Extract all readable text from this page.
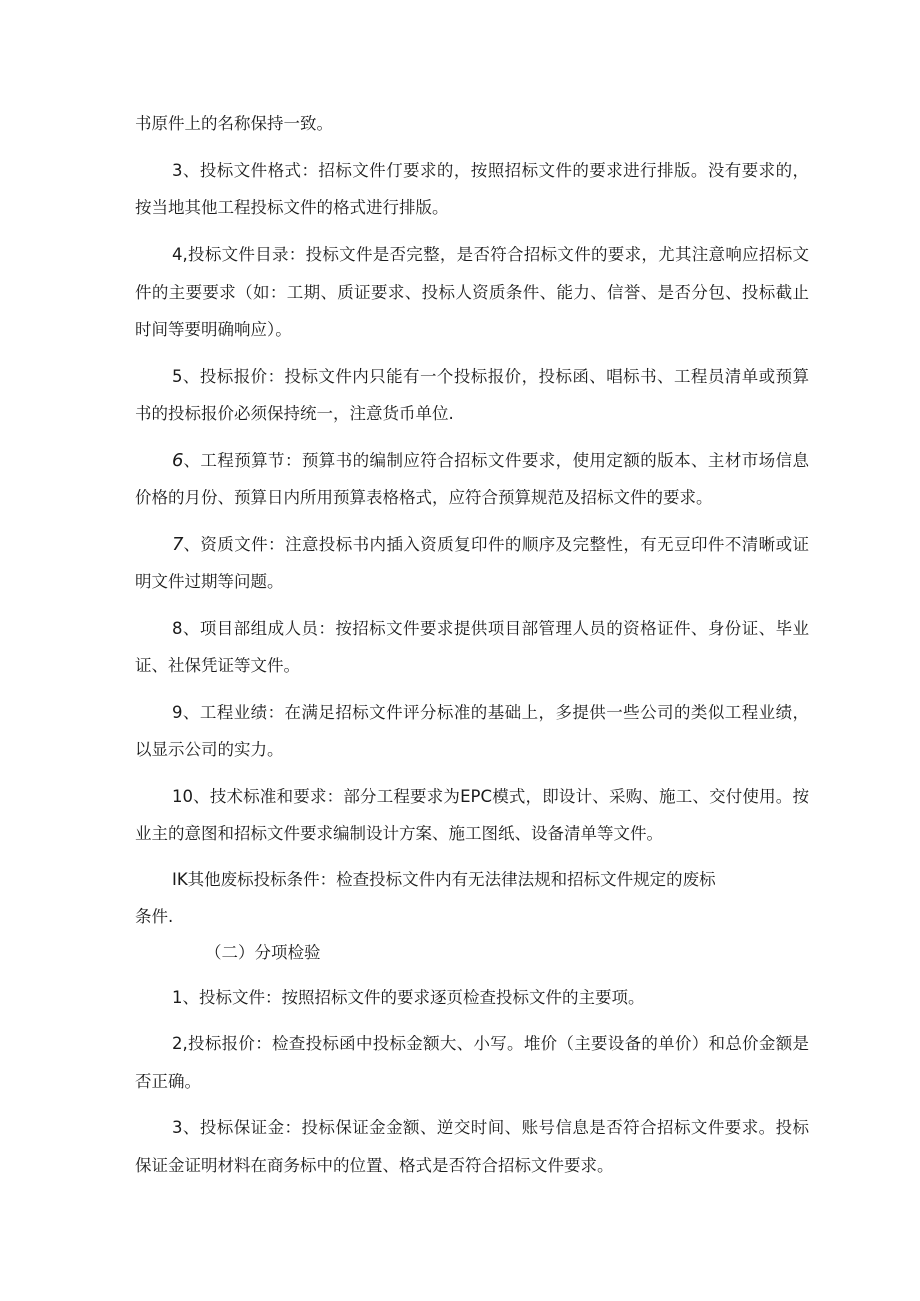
书原件上的名称保持一致。

3、投标文件格式：招标文件仃要求的，按照招标文件的要求进行排版。没有要求的，

按当地其他工程投标文件的格式进行排版。

4,投标文件目录：投标文件是否完整，是否符合招标文件的要求，尤其注意响应招标文

件的主要要求（如：工期、质证要求、投标人资质条件、能力、信誉、是否分包、投标截止

时间等要明确响应）。

5、投标报价：投标文件内只能有一个投标报价，投标函、唱标书、工程员清单或预算

书的投标报价必须保持统一，注意货币单位.

6 、工程预算节：预算书的编制应符合招标文件要求，使用定额的版本、主材市场信息

价格的月份、预算日内所用预算表格格式，应符合预算规范及招标文件的要求。

7 、资质文件：注意投标书内插入资质复印件的顺序及完整性，有无豆印件不清晰或证

明文件过期等问题。

8、项目部组成人员：按招标文件要求提供项目部管理人员的资格证件、身份证、毕业

证、社保凭证等文件。

9、工程业绩：在满足招标文件评分标准的基础上，多提供一些公司的类似工程业绩，

以显示公司的实力。

10、技术标准和要求：部分工程要求为EPC模式，即设计、采购、施工、交付使用。按

业主的意图和招标文件要求编制设计方案、施工图纸、设备清单等文件。

IK其他废标投标条件：检查投标文件内有无法律法规和招标文件规定的废标

条件.

（二）分项检验

1、投标文件：按照招标文件的要求逐页检查投标文件的主要项。

2,投标报价：检查投标函中投标金额大、小写。堆价（主要设备的单价）和总价金额是

否正确。

3、投标保证金：投标保证金金额、逆交时间、账号信息是否符合招标文件要求。投标

保证金证明材料在商务标中的位置、格式是否符合招标文件要求。
